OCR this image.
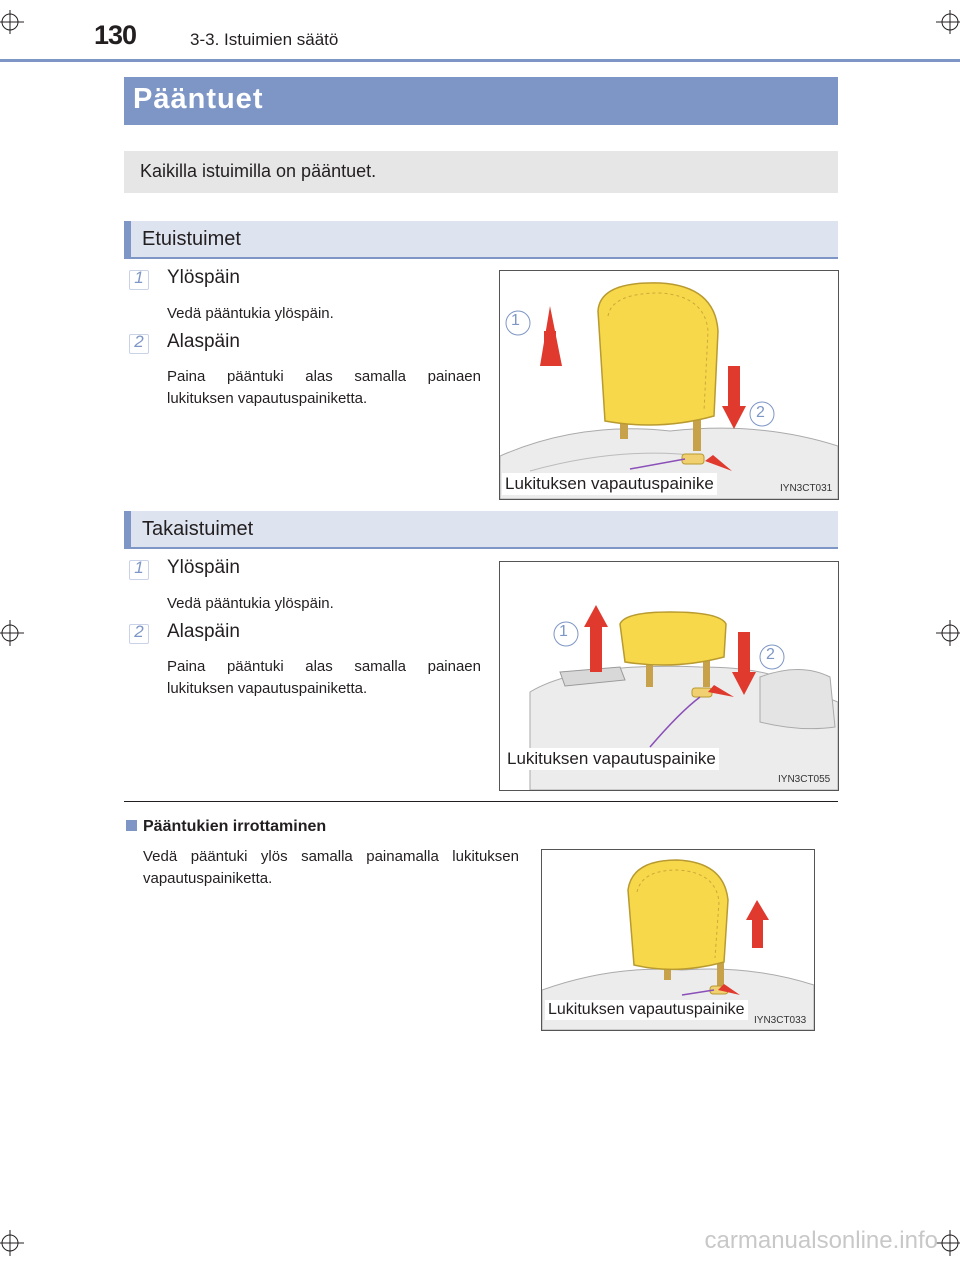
130	3-3. Istuimien säätö
Pääntuet
Kaikilla istuimilla on pääntuet.
Etuistuimet
1	Ylöspäin
Vedä pääntukia ylöspäin.
2	Alaspäin
Paina pääntuki alas samalla painaen lukituksen vapautuspainiketta.
1
2
Lukituksen vapautuspainike	IYN3CT031
Takaistuimet
1	Ylöspäin
Vedä pääntukia ylöspäin.
2	Alaspäin
Paina pääntuki alas samalla painaen lukituksen vapautuspainiketta.
1
2
Lukituksen vapautuspainike
IYN3CT055
Pääntukien irrottaminen
Vedä pääntuki ylös samalla painamalla lukituksen vapautuspainiketta.
Lukituksen vapautuspainike
IYN3CT033
carmanualsonline.info
